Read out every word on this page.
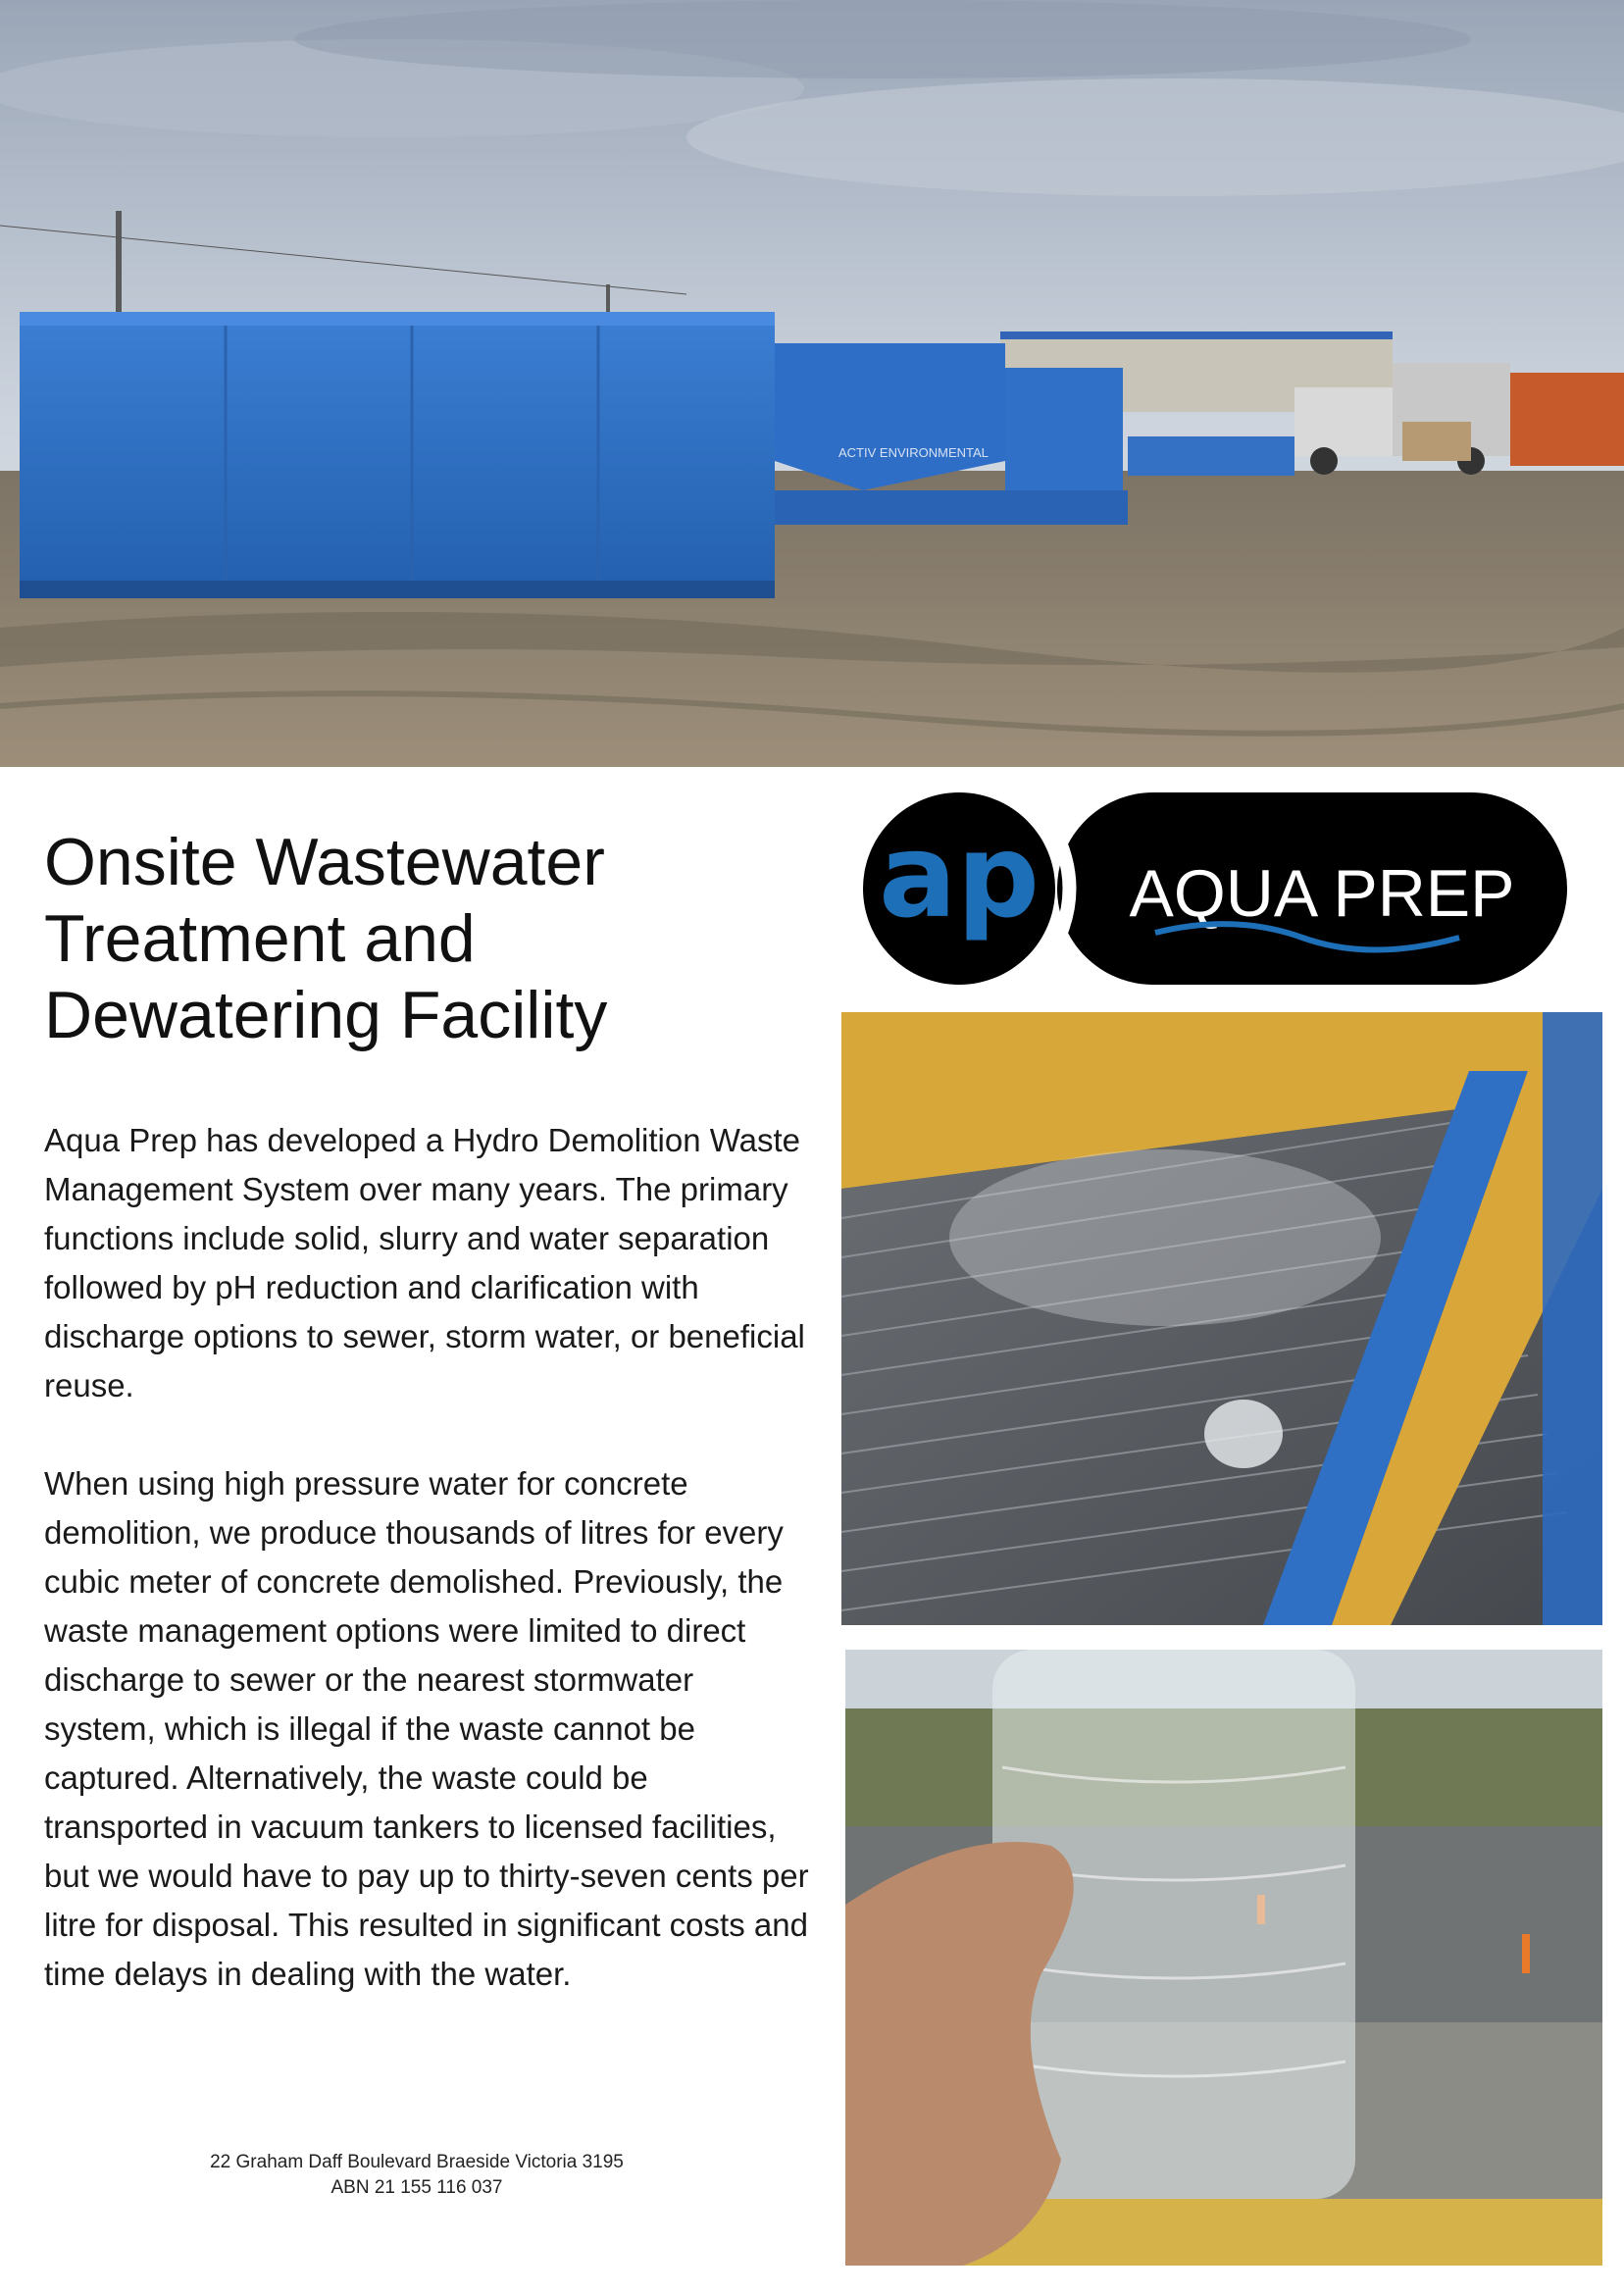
ACTIV ENVIRONMENTAL
Onsite Wastewater
Treatment and
Dewatering Facility

Aqua Prep has developed a Hydro Demolition Waste Management System over many years. The primary functions include solid, slurry and water separation followed by pH reduction and clarification with discharge options to sewer, storm water, or beneficial reuse.

When using high pressure water for concrete demolition, we produce thousands of litres for every cubic meter of concrete demolished. Previously, the waste management options were limited to direct discharge to sewer or the nearest stormwater system, which is illegal if the waste cannot be captured. Alternatively, the waste could be transported in vacuum tankers to licensed facilities, but we would have to pay up to thirty-seven cents per litre for disposal. This resulted in significant costs and time delays in dealing with the water.

22 Graham Daff Boulevard Braeside Victoria 3195
ABN 21 155 116 037
ap AQUA PREP
